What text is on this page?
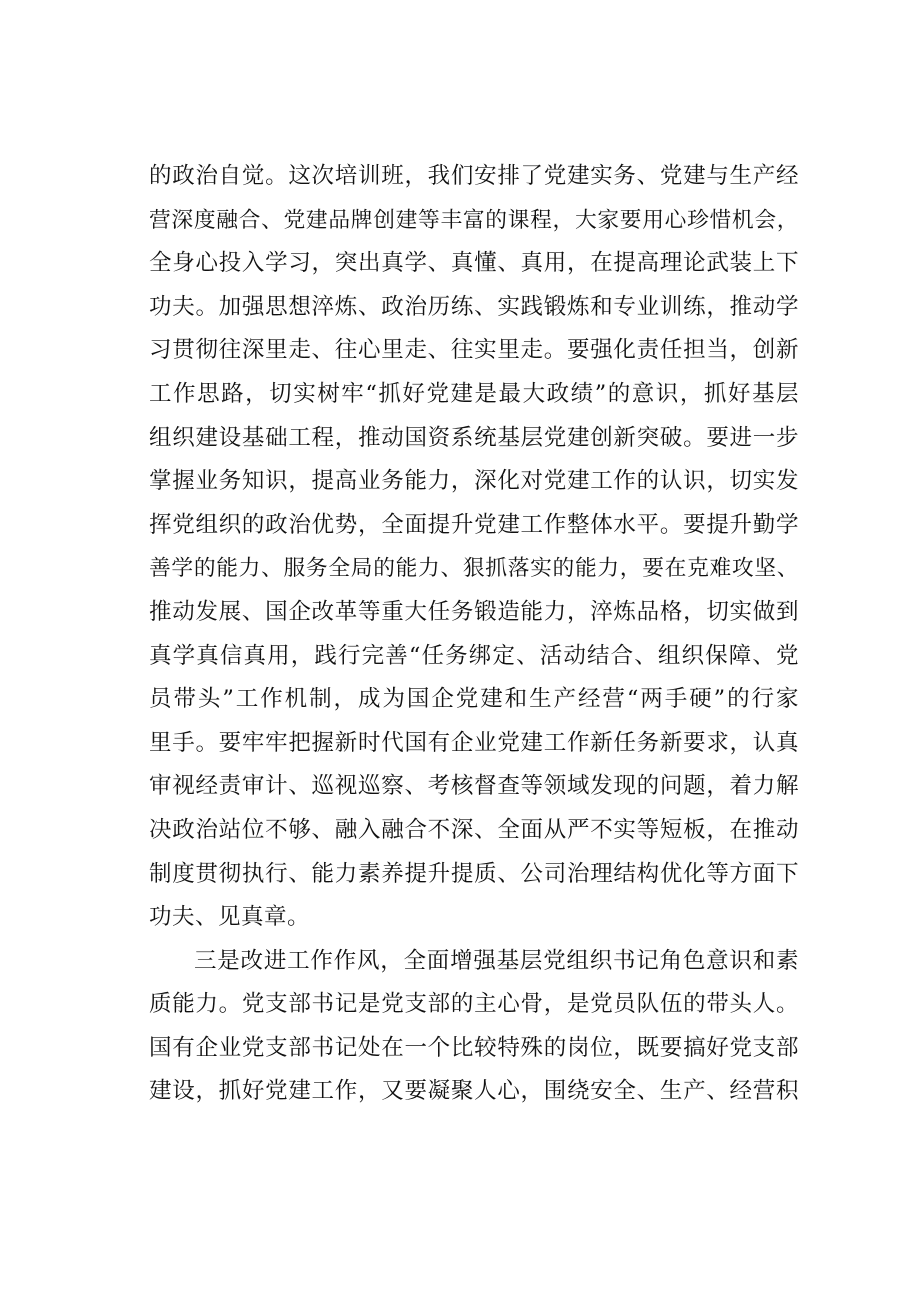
的政治自觉。这次培训班，我们安排了党建实务、党建与生产经
营深度融合、党建品牌创建等丰富的课程，大家要用心珍惜机会，
全身心投入学习，突出真学、真懂、真用，在提高理论武装上下
功夫。加强思想淬炼、政治历练、实践锻炼和专业训练，推动学
习贯彻往深里走、往心里走、往实里走。要强化责任担当，创新
工作思路，切实树牢“抓好党建是最大政绩”的意识，抓好基层
组织建设基础工程，推动国资系统基层党建创新突破。要进一步
掌握业务知识，提高业务能力，深化对党建工作的认识，切实发
挥党组织的政治优势，全面提升党建工作整体水平。要提升勤学
善学的能力、服务全局的能力、狠抓落实的能力，要在克难攻坚、
推动发展、国企改革等重大任务锻造能力，淬炼品格，切实做到
真学真信真用，践行完善“任务绑定、活动结合、组织保障、党
员带头”工作机制，成为国企党建和生产经营“两手硬”的行家
里手。要牢牢把握新时代国有企业党建工作新任务新要求，认真
审视经责审计、巡视巡察、考核督查等领域发现的问题，着力解
决政治站位不够、融入融合不深、全面从严不实等短板，在推动
制度贯彻执行、能力素养提升提质、公司治理结构优化等方面下
功夫、见真章。
三是改进工作作风，全面增强基层党组织书记角色意识和素
质能力。党支部书记是党支部的主心骨，是党员队伍的带头人。
国有企业党支部书记处在一个比较特殊的岗位，既要搞好党支部
建设，抓好党建工作，又要凝聚人心，围绕安全、生产、经营积
